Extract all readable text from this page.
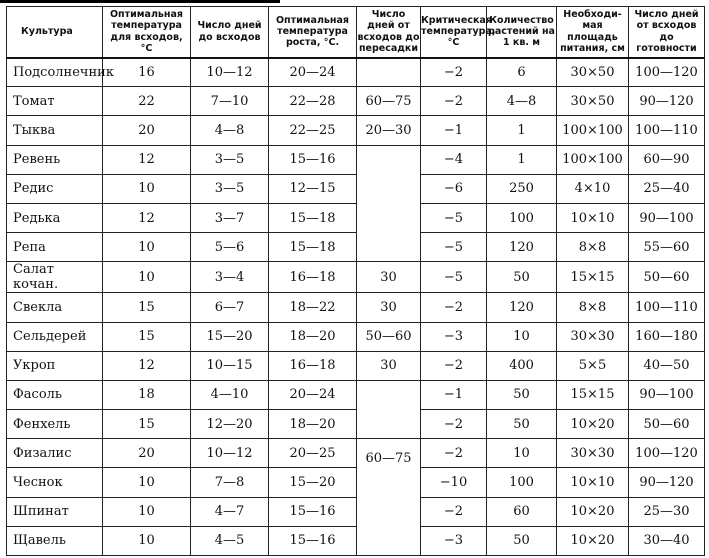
Культура	Оптимальная температура для всходов, °С	Число дней до всходов	Оптимальная температура роста, °С.	Число дней от всходов до пересадки	Критическая температура, °С	Количество растений на 1 кв. м	Необходи-мая площадь питания, см	Число дней от всходов до готовности
Подсолнечник	16	10—12	20—24		−2	6	30×50	100—120
Томат	22	7—10	22—28	60—75	−2	4—8	30×50	90—120
Тыква	20	4—8	22—25	20—30	−1	1	100×100	100—110
Ревень	12	3—5	15—16		−4	1	100×100	60—90
Редис	10	3—5	12—15		−6	250	4×10	25—40
Редька	12	3—7	15—18		−5	100	10×10	90—100
Репа	10	5—6	15—18		−5	120	8×8	55—60
Салат кочан.	10	3—4	16—18	30	−5	50	15×15	50—60
Свекла	15	6—7	18—22	30	−2	120	8×8	100—110
Сельдерей	15	15—20	18—20	50—60	−3	10	30×30	160—180
Укроп	12	10—15	16—18	30	−2	400	5×5	40—50
Фасоль	18	4—10	20—24		−1	50	15×15	90—100
Фенхель	15	12—20	18—20		−2	50	10×20	50—60
Физалис	20	10—12	20—25	60—75	−2	10	30×30	100—120
Чеснок	10	7—8	15—20		−10	100	10×10	90—120
Шпинат	10	4—7	15—16		−2	60	10×20	25—30
Щавель	10	4—5	15—16		−3	50	10×20	30—40
